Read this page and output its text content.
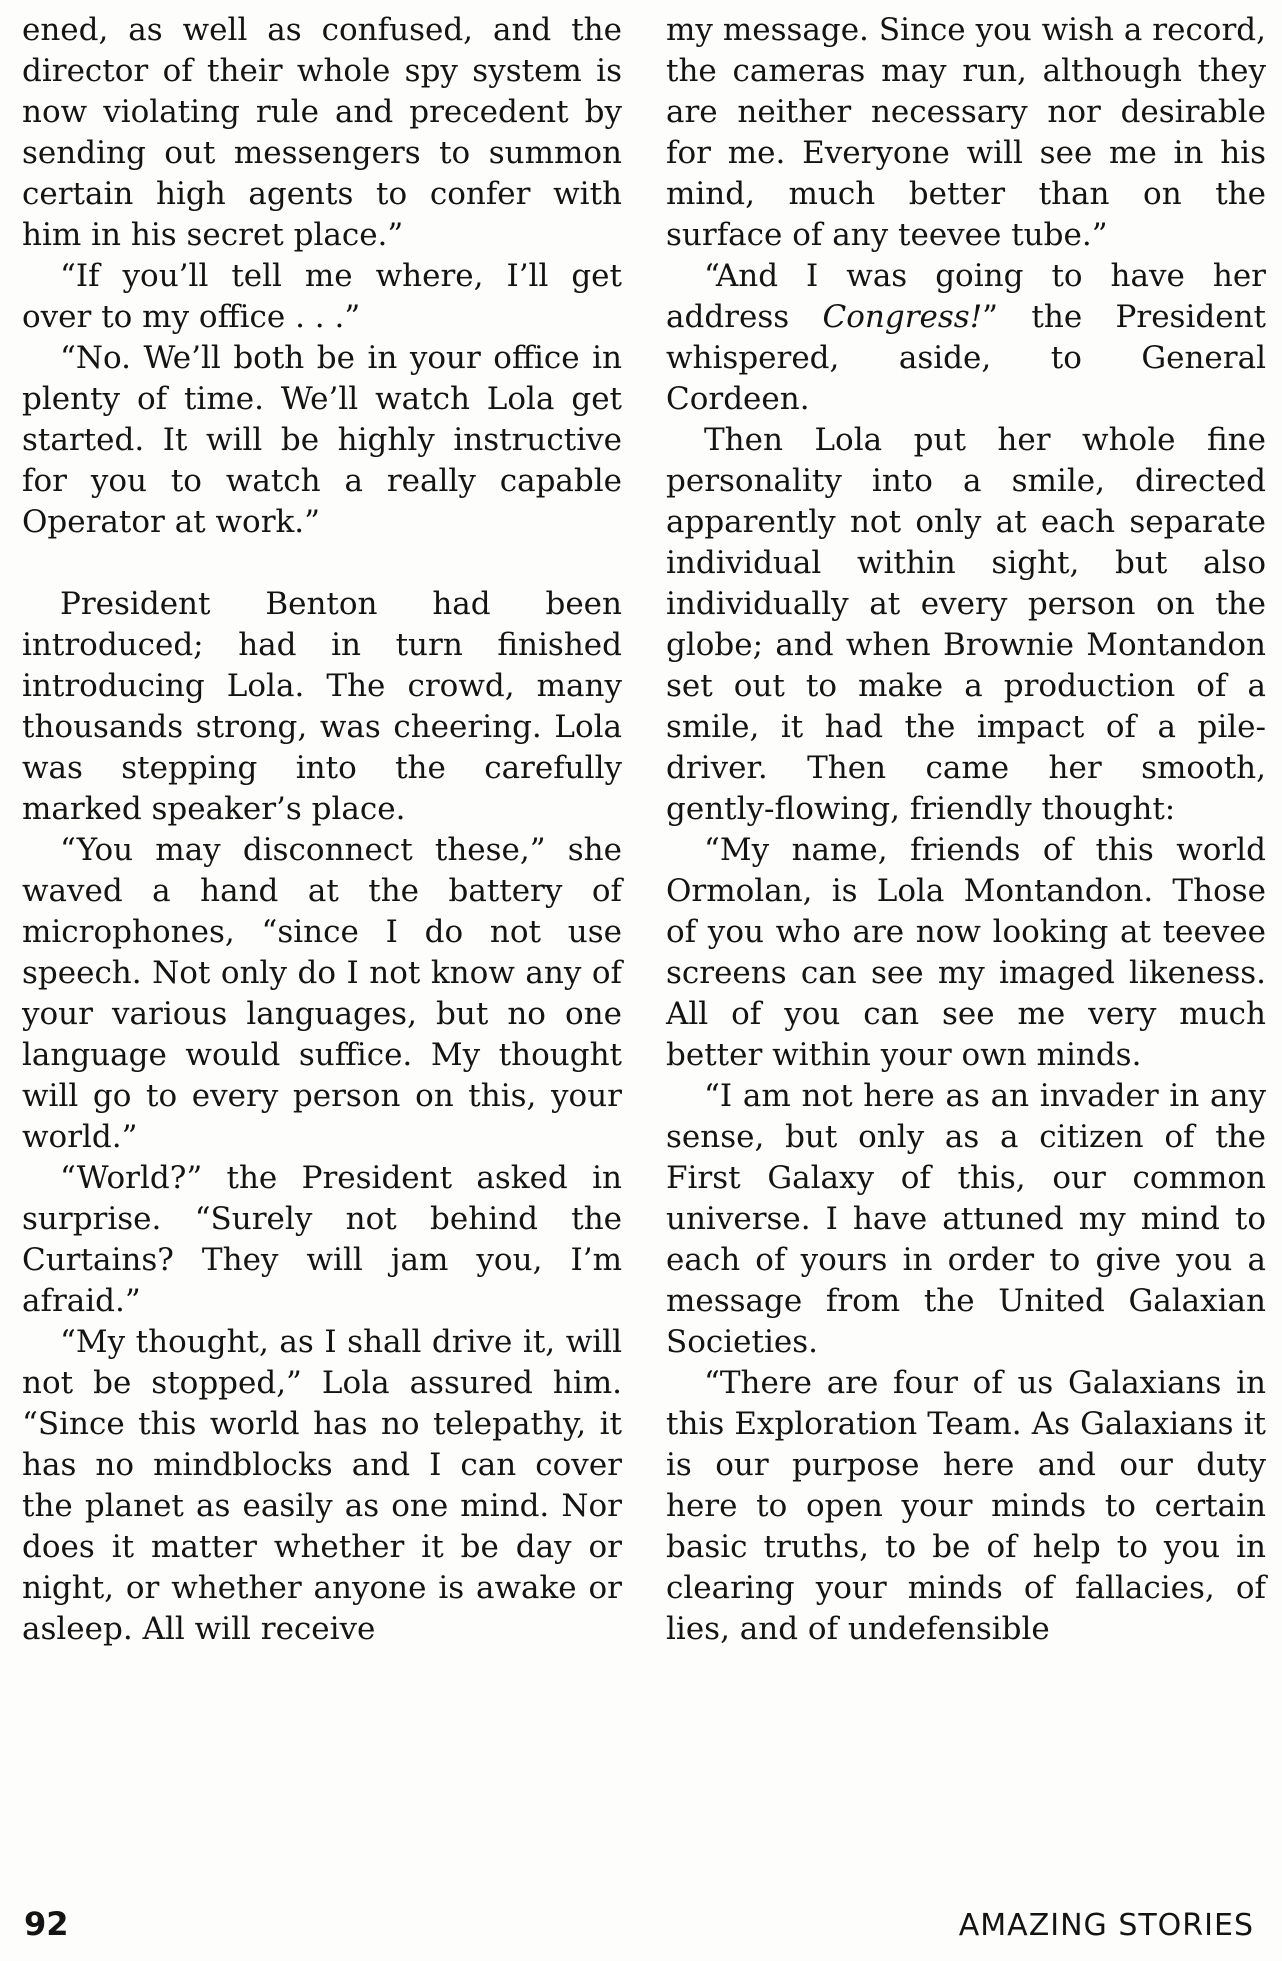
ened, as well as confused, and the director of their whole spy system is now violating rule and precedent by sending out messengers to summon certain high agents to confer with him in his secret place.”

“If you’ll tell me where, I’ll get over to my office . . .”

“No. We’ll both be in your office in plenty of time. We’ll watch Lola get started. It will be highly instructive for you to watch a really capable Operator at work.”

President Benton had been introduced; had in turn finished introducing Lola. The crowd, many thousands strong, was cheering. Lola was stepping into the carefully marked speaker’s place.

“You may disconnect these,” she waved a hand at the battery of microphones, “since I do not use speech. Not only do I not know any of your various languages, but no one language would suffice. My thought will go to every person on this, your world.”

“World?” the President asked in surprise. “Surely not behind the Curtains? They will jam you, I’m afraid.”

“My thought, as I shall drive it, will not be stopped,” Lola assured him. “Since this world has no telepathy, it has no mindblocks and I can cover the planet as easily as one mind. Nor does it matter whether it be day or night, or whether anyone is awake or asleep. All will receive

my message. Since you wish a record, the cameras may run, although they are neither necessary nor desirable for me. Everyone will see me in his mind, much better than on the surface of any teevee tube.”

“And I was going to have her address Congress!” the President whispered, aside, to General Cordeen.

Then Lola put her whole fine personality into a smile, directed apparently not only at each separate individual within sight, but also individually at every person on the globe; and when Brownie Montandon set out to make a production of a smile, it had the impact of a pile-driver. Then came her smooth, gently-flowing, friendly thought:

“My name, friends of this world Ormolan, is Lola Montandon. Those of you who are now looking at teevee screens can see my imaged likeness. All of you can see me very much better within your own minds.

“I am not here as an invader in any sense, but only as a citizen of the First Galaxy of this, our common universe. I have attuned my mind to each of yours in order to give you a message from the United Galaxian Societies.

“There are four of us Galaxians in this Exploration Team. As Galaxians it is our purpose here and our duty here to open your minds to certain basic truths, to be of help to you in clearing your minds of fallacies, of lies, and of undefensible

92	AMAZING STORIES
